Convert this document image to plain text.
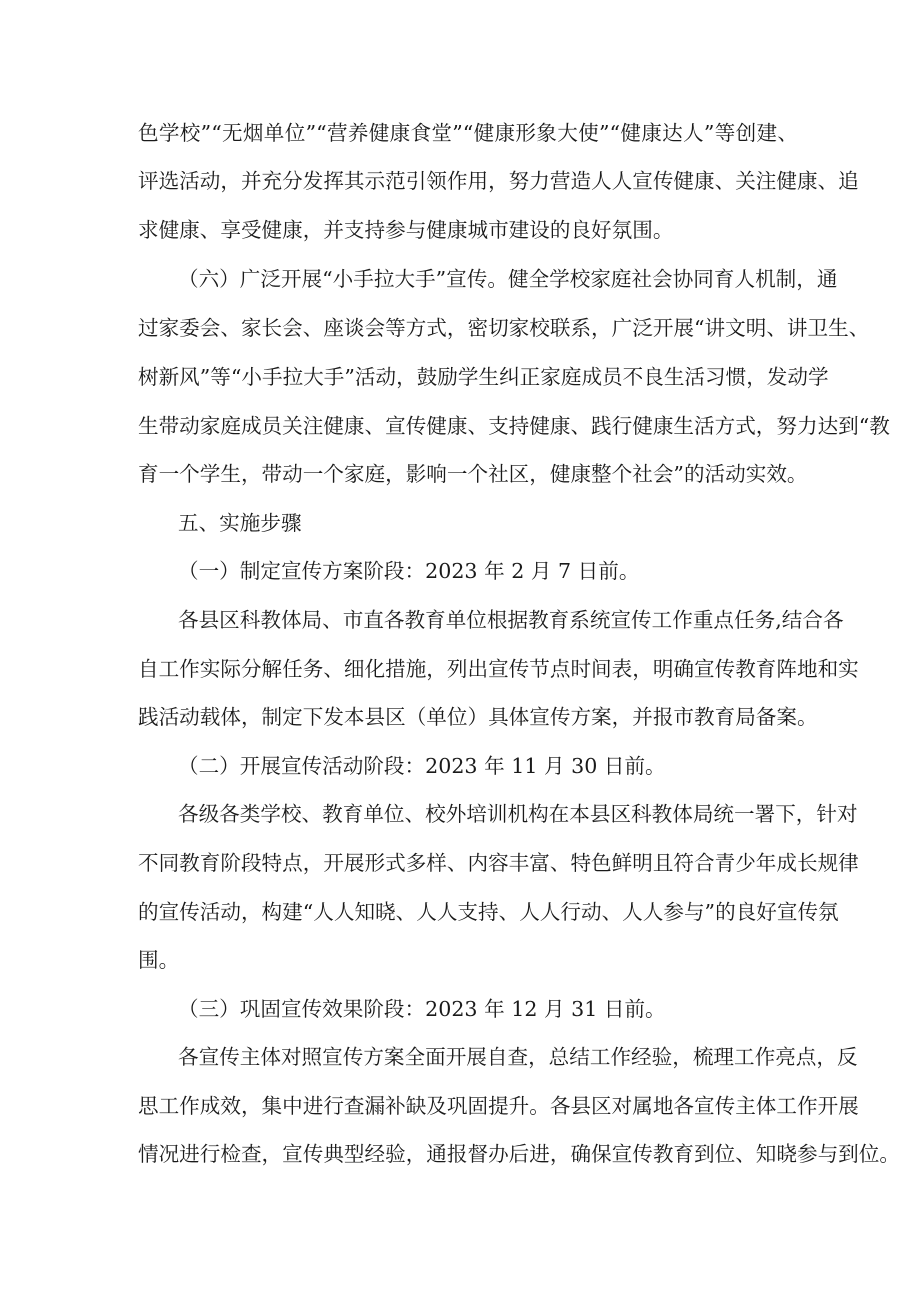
色学校”“无烟单位”“营养健康食堂”“健康形象大使”“健康达人”等创建、
评选活动，并充分发挥其示范引领作用，努力营造人人宣传健康、关注健康、追
求健康、享受健康，并支持参与健康城市建设的良好氛围。
（六）广泛开展“小手拉大手”宣传。健全学校家庭社会协同育人机制，通
过家委会、家长会、座谈会等方式，密切家校联系，广泛开展“讲文明、讲卫生、
树新风”等“小手拉大手”活动，鼓励学生纠正家庭成员不良生活习惯，发动学
生带动家庭成员关注健康、宣传健康、支持健康、践行健康生活方式，努力达到“教
育一个学生，带动一个家庭，影响一个社区，健康整个社会”的活动实效。
五、实施步骤
（一）制定宣传方案阶段：2023 年 2 月 7 日前。
各县区科教体局、市直各教育单位根据教育系统宣传工作重点任务,结合各
自工作实际分解任务、细化措施，列出宣传节点时间表，明确宣传教育阵地和实
践活动载体，制定下发本县区（单位）具体宣传方案，并报市教育局备案。
（二）开展宣传活动阶段：2023 年 11 月 30 日前。
各级各类学校、教育单位、校外培训机构在本县区科教体局统一署下，针对
不同教育阶段特点，开展形式多样、内容丰富、特色鲜明且符合青少年成长规律
的宣传活动，构建“人人知晓、人人支持、人人行动、人人参与”的良好宣传氛
围。
（三）巩固宣传效果阶段：2023 年 12 月 31 日前。
各宣传主体对照宣传方案全面开展自查，总结工作经验，梳理工作亮点，反
思工作成效，集中进行查漏补缺及巩固提升。各县区对属地各宣传主体工作开展
情况进行检查，宣传典型经验，通报督办后进，确保宣传教育到位、知晓参与到位。
